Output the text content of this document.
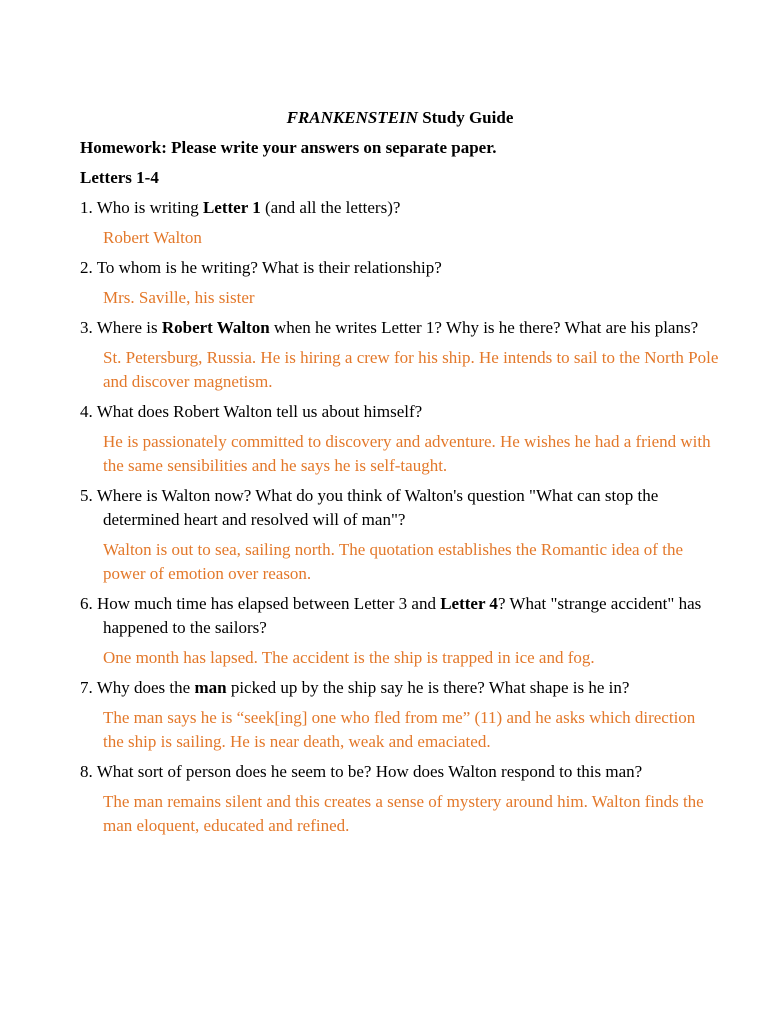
FRANKENSTEIN Study Guide
Homework: Please write your answers on separate paper.
Letters 1-4
1. Who is writing Letter 1 (and all the letters)?
Robert Walton
2. To whom is he writing? What is their relationship?
Mrs. Saville, his sister
3. Where is Robert Walton when he writes Letter 1? Why is he there? What are his plans?
St. Petersburg, Russia. He is hiring a crew for his ship. He intends to sail to the North Pole and discover magnetism.
4. What does Robert Walton tell us about himself?
He is passionately committed to discovery and adventure. He wishes he had a friend with the same sensibilities and he says he is self-taught.
5. Where is Walton now? What do you think of Walton's question "What can stop the determined heart and resolved will of man"?
Walton is out to sea, sailing north. The quotation establishes the Romantic idea of the power of emotion over reason.
6. How much time has elapsed between Letter 3 and Letter 4? What "strange accident" has happened to the sailors?
One month has lapsed. The accident is the ship is trapped in ice and fog.
7. Why does the man picked up by the ship say he is there? What shape is he in?
The man says he is “seek[ing] one who fled from me” (11) and he asks which direction the ship is sailing. He is near death, weak and emaciated.
8. What sort of person does he seem to be? How does Walton respond to this man?
The man remains silent and this creates a sense of mystery around him. Walton finds the man eloquent, educated and refined.
